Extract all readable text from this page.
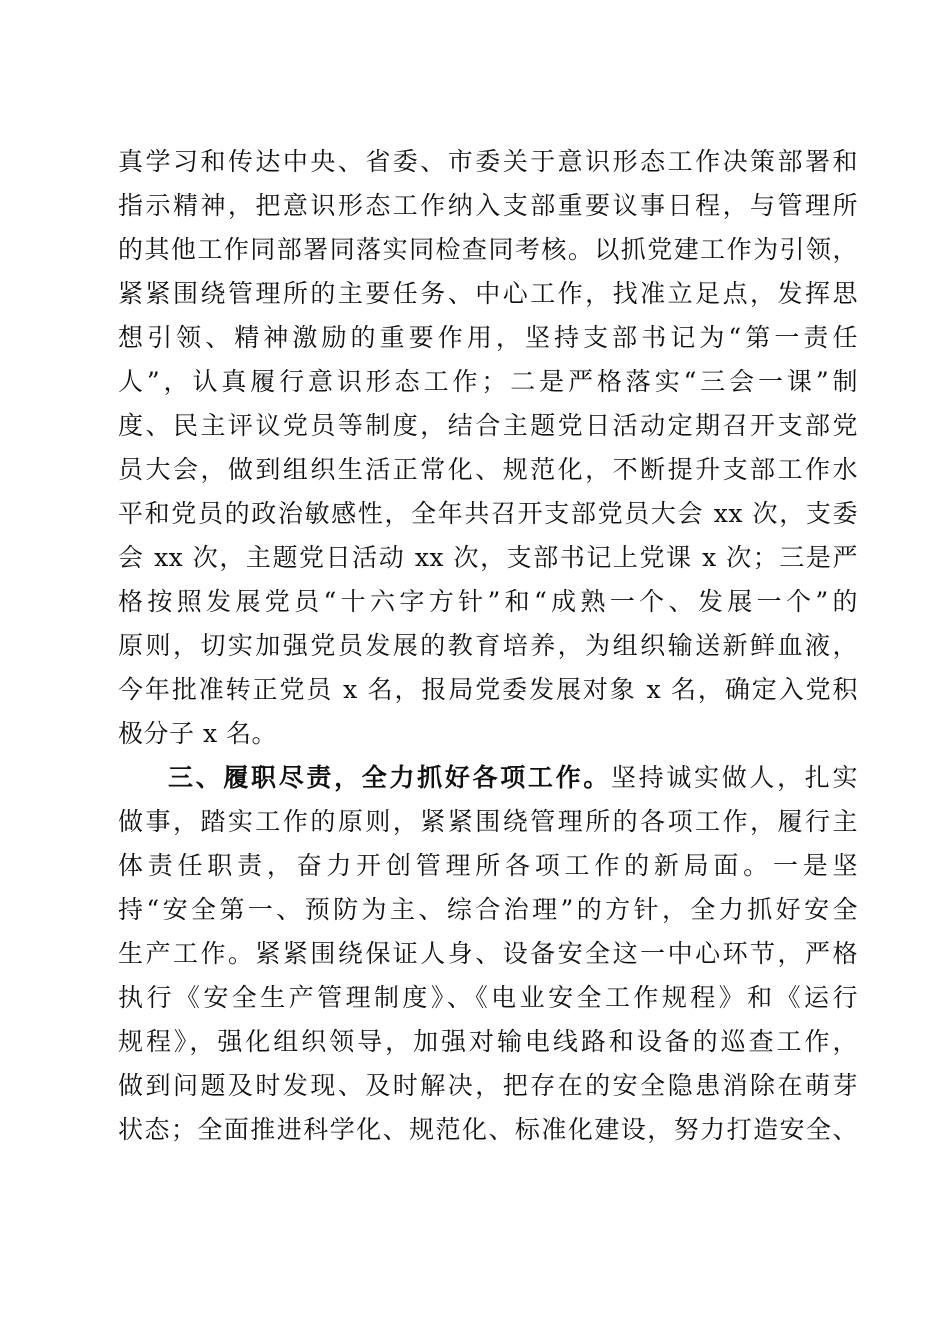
真学习和传达中央、省委、市委关于意识形态工作决策部署和
指示精神，把意识形态工作纳入支部重要议事日程，与管理所
的其他工作同部署同落实同检查同考核。以抓党建工作为引领，
紧紧围绕管理所的主要任务、中心工作，找准立足点，发挥思
想引领、精神激励的重要作用，坚持支部书记为“第一责任
人”，认真履行意识形态工作；二是严格落实“三会一课”制
度、民主评议党员等制度，结合主题党日活动定期召开支部党
员大会，做到组织生活正常化、规范化，不断提升支部工作水
平和党员的政治敏感性，全年共召开支部党员大会 xx 次，支委
会 xx 次，主题党日活动 xx 次，支部书记上党课 x 次；三是严
格按照发展党员“十六字方针”和“成熟一个、发展一个”的
原则，切实加强党员发展的教育培养，为组织输送新鲜血液，
今年批准转正党员 x 名，报局党委发展对象 x 名，确定入党积
极分子 x 名。
三、履职尽责，全力抓好各项工作。坚持诚实做人，扎实
做事，踏实工作的原则，紧紧围绕管理所的各项工作，履行主
体责任职责，奋力开创管理所各项工作的新局面。一是坚
持“安全第一、预防为主、综合治理”的方针，全力抓好安全
生产工作。紧紧围绕保证人身、设备安全这一中心环节，严格
执行《安全生产管理制度》、《电业安全工作规程》和《运行
规程》，强化组织领导，加强对输电线路和设备的巡查工作，
做到问题及时发现、及时解决，把存在的安全隐患消除在萌芽
状态；全面推进科学化、规范化、标准化建设，努力打造安全、
